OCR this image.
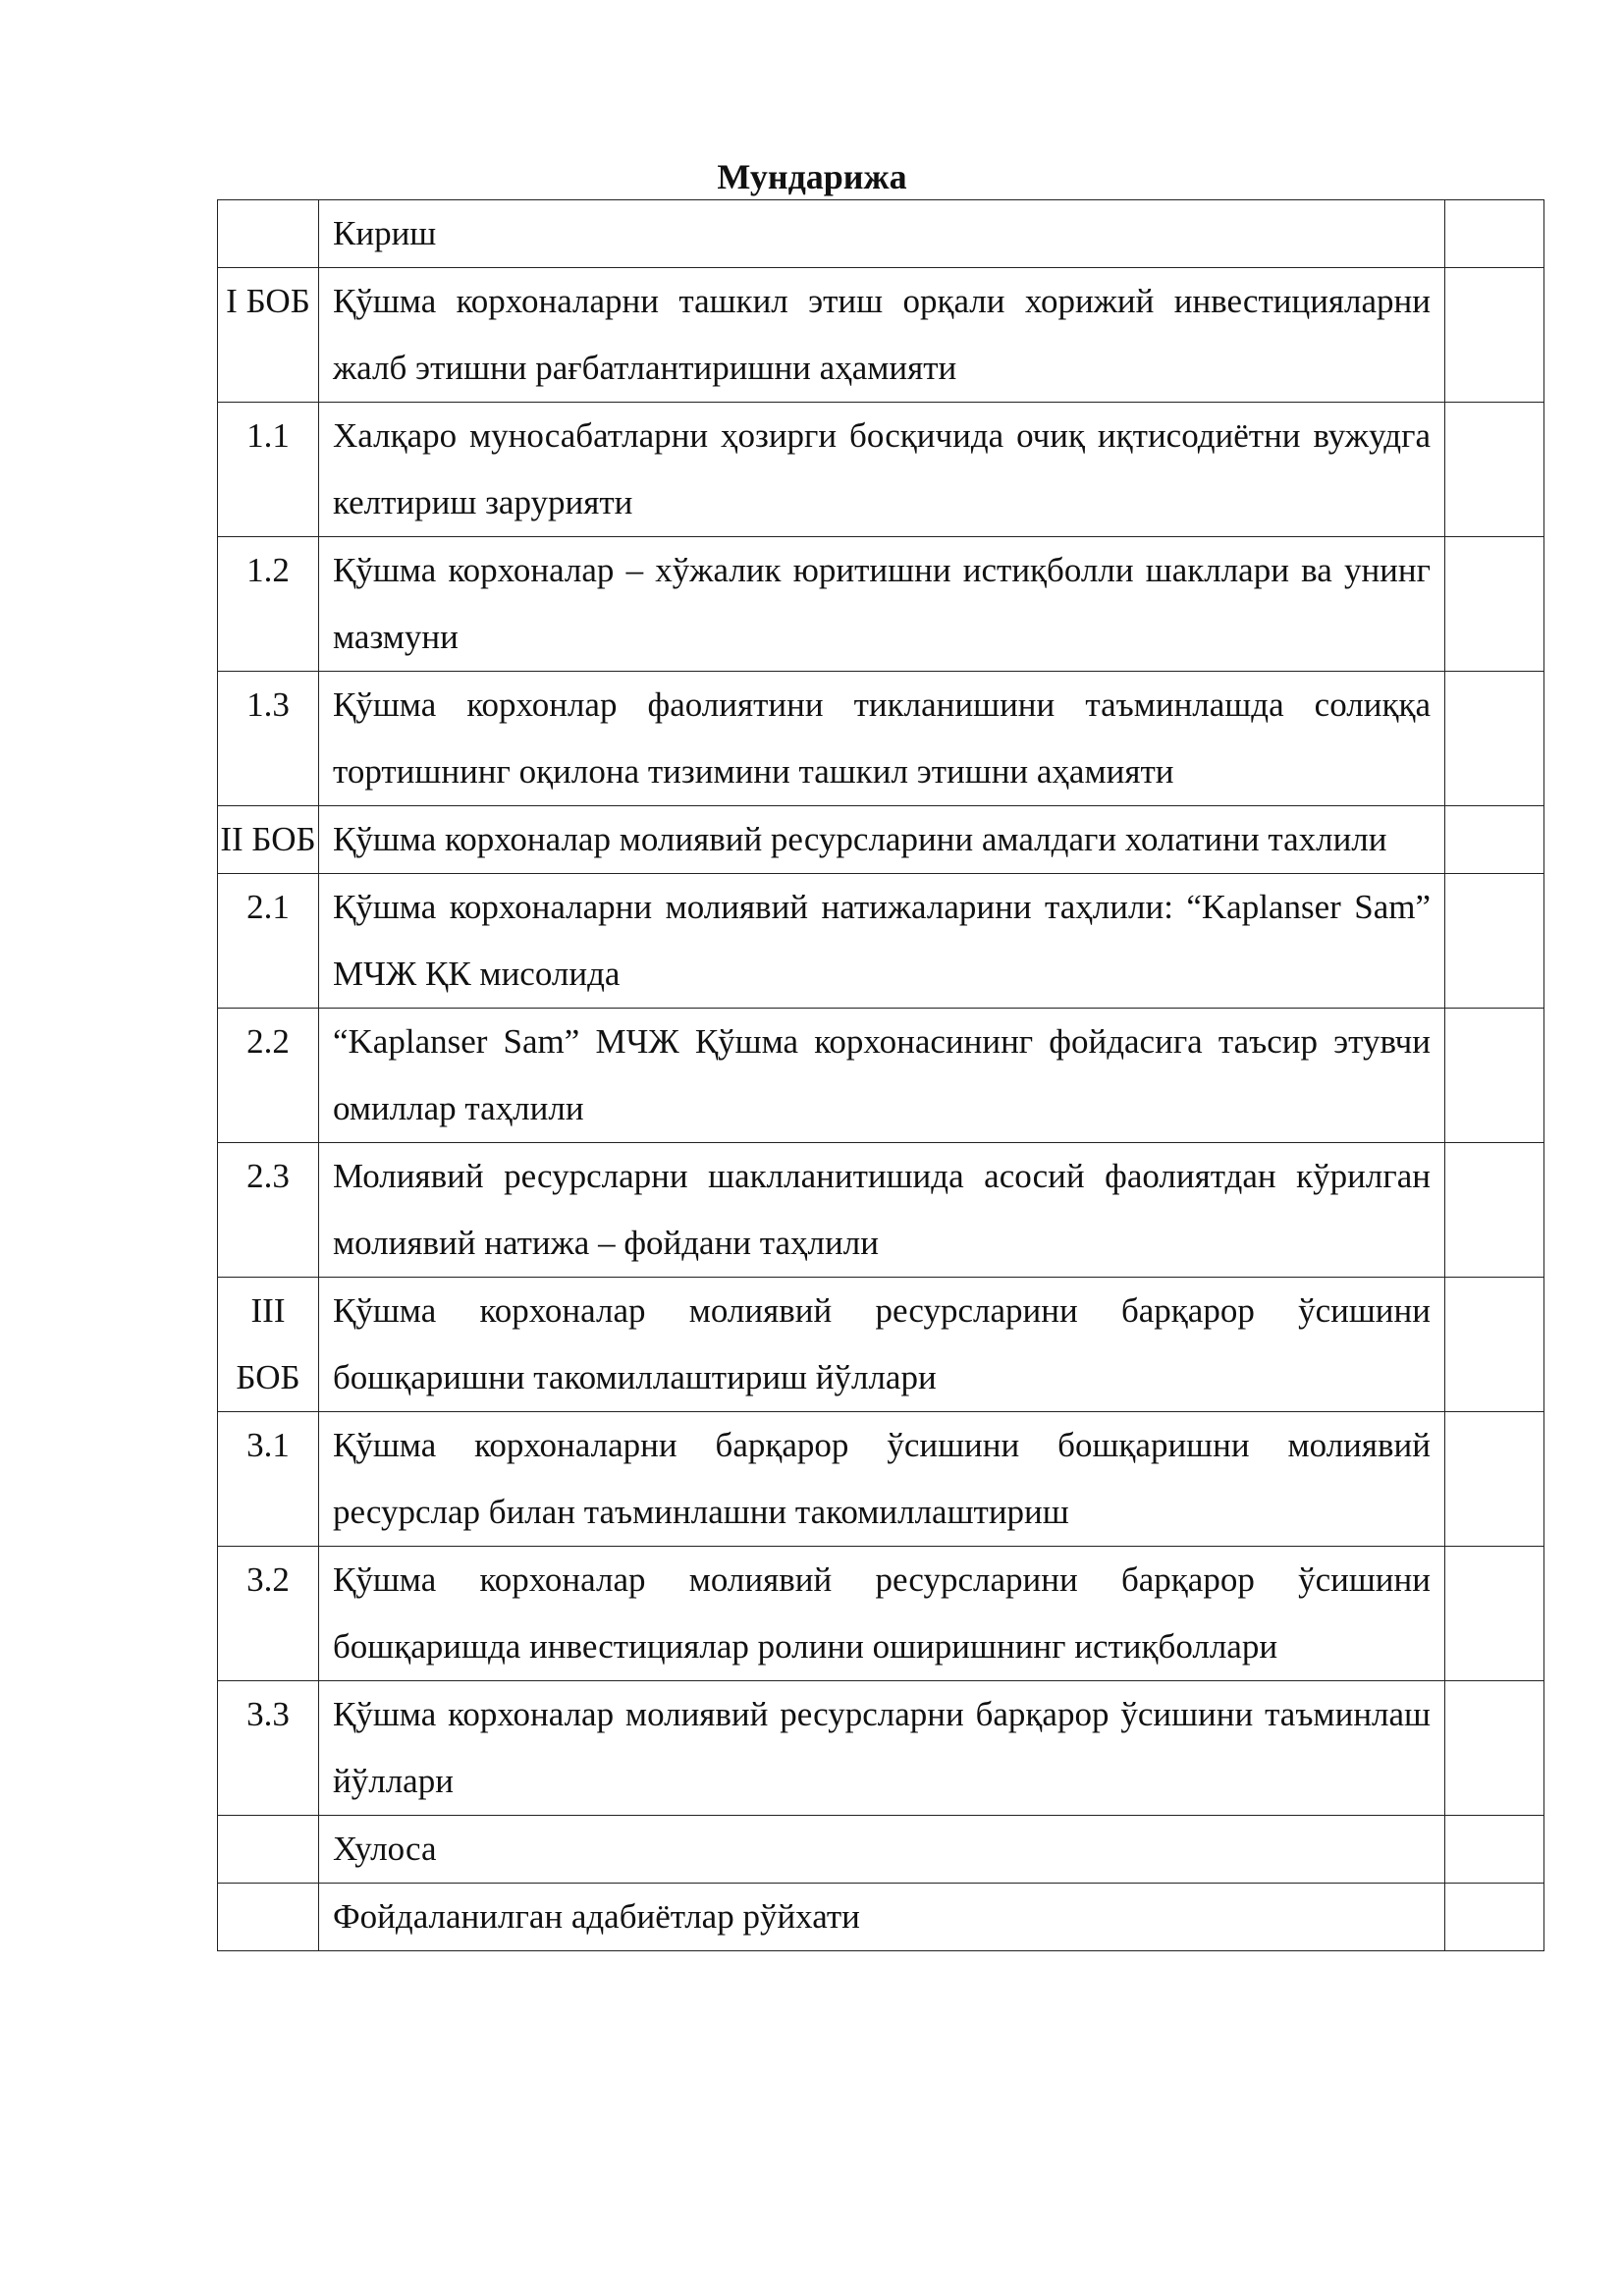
Мундарижа
	Кириш	
I БОБ	Қўшма корхоналарни ташкил этиш орқали хорижий инвестицияларни жалб этишни рағбатлантиришни аҳамияти	
1.1	Халқаро муносабатларни ҳозирги босқичида очиқ иқтисодиётни вужудга келтириш зарурияти	
1.2	Қўшма корхоналар – хўжалик юритишни истиқболли шакллари ва унинг мазмуни	
1.3	Қўшма корхонлар фаолиятини тикланишини таъминлашда солиққа тортишнинг оқилона тизимини ташкил этишни аҳамияти	
II БОБ	Қўшма корхоналар молиявий ресурсларини амалдаги холатини тахлили	
2.1	Қўшма корхоналарни молиявий натижаларини таҳлили: “Kaplanser Sam” МЧЖ ҚК мисолида	
2.2	“Kaplanser Sam” МЧЖ Қўшма корхонасининг фойдасига таъсир этувчи омиллар таҳлили	
2.3	Молиявий ресурсларни шаклланитишида асосий фаолиятдан кўрилган молиявий натижа – фойдани таҳлили	
III БОБ	Қўшма корхоналар молиявий ресурсларини барқарор ўсишини бошқаришни такомиллаштириш йўллари	
3.1	Қўшма корхоналарни барқарор ўсишини бошқаришни молиявий ресурслар билан таъминлашни такомиллаштириш	
3.2	Қўшма корхоналар молиявий ресурсларини барқарор ўсишини бошқаришда инвестициялар ролини оширишнинг истиқболлари	
3.3	Қўшма корхоналар молиявий ресурсларни барқарор ўсишини таъминлаш йўллари	
	Хулоса	
	Фойдаланилган адабиётлар рўйхати	
